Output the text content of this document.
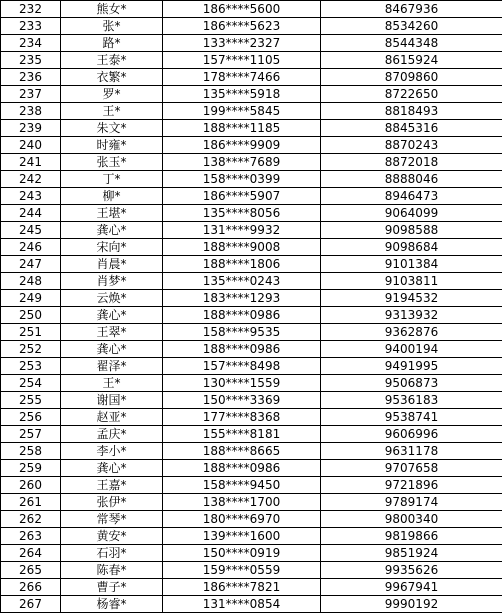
232	熊女*	186****5600	8467936
233	张*	186****5623	8534260
234	路*	133****2327	8544348
235	王泰*	157****1105	8615924
236	衣繁*	178****7466	8709860
237	罗*	135****5918	8722650
238	王*	199****5845	8818493
239	朱文*	188****1185	8845316
240	时雍*	186****9909	8870243
241	张玉*	138****7689	8872018
242	丁*	158****0399	8888046
243	柳*	186****5907	8946473
244	王堪*	135****8056	9064099
245	龚心*	131****9932	9098588
246	宋向*	188****9008	9098684
247	肖晨*	188****1806	9101384
248	肖梦*	135****0243	9103811
249	云焕*	183****1293	9194532
250	龚心*	188****0986	9313932
251	王翠*	158****9535	9362876
252	龚心*	188****0986	9400194
253	翟泽*	157****8498	9491995
254	王*	130****1559	9506873
255	谢国*	150****3369	9536183
256	赵亚*	177****8368	9538741
257	孟庆*	155****8181	9606996
258	李小*	188****8665	9631178
259	龚心*	188****0986	9707658
260	王嘉*	158****9450	9721896
261	张伊*	138****1700	9789174
262	常琴*	180****6970	9800340
263	黄安*	139****1600	9819866
264	石羽*	150****0919	9851924
265	陈春*	159****0559	9935626
266	曹子*	186****7821	9967941
267	杨睿*	131****0854	9990192
